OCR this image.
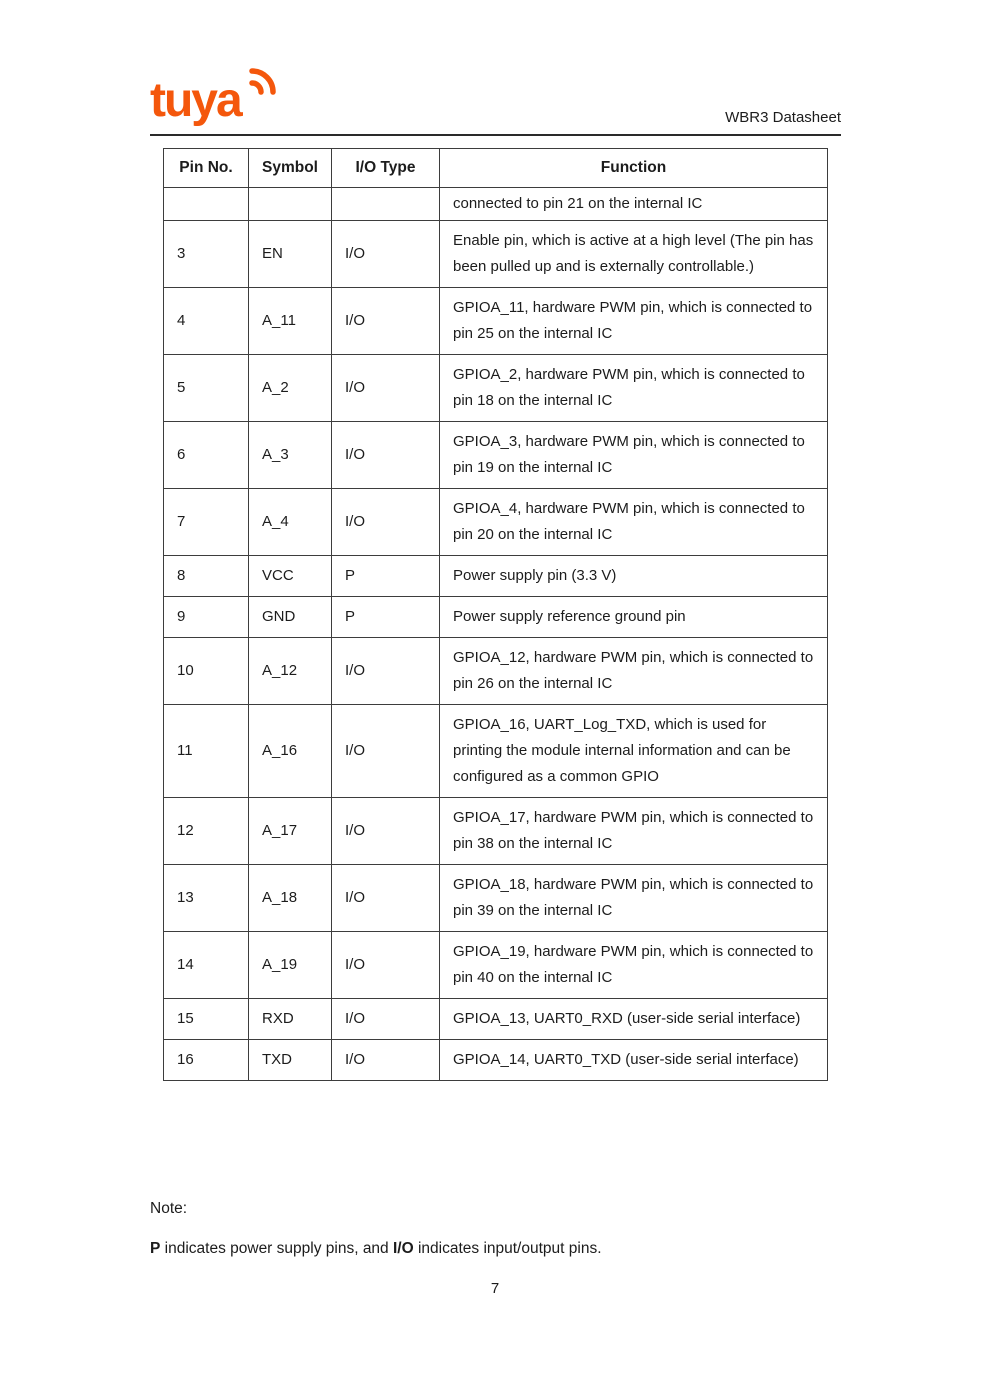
tuya	WBR3 Datasheet
Pin No.	Symbol	I/O Type	Function
			connected to pin 21 on the internal IC
3	EN	I/O	Enable pin, which is active at a high level (The pin has been pulled up and is externally controllable.)
4	A_11	I/O	GPIOA_11, hardware PWM pin, which is connected to pin 25 on the internal IC
5	A_2	I/O	GPIOA_2, hardware PWM pin, which is connected to pin 18 on the internal IC
6	A_3	I/O	GPIOA_3, hardware PWM pin, which is connected to pin 19 on the internal IC
7	A_4	I/O	GPIOA_4, hardware PWM pin, which is connected to pin 20 on the internal IC
8	VCC	P	Power supply pin (3.3 V)
9	GND	P	Power supply reference ground pin
10	A_12	I/O	GPIOA_12, hardware PWM pin, which is connected to pin 26 on the internal IC
11	A_16	I/O	GPIOA_16, UART_Log_TXD, which is used for printing the module internal information and can be configured as a common GPIO
12	A_17	I/O	GPIOA_17, hardware PWM pin, which is connected to pin 38 on the internal IC
13	A_18	I/O	GPIOA_18, hardware PWM pin, which is connected to pin 39 on the internal IC
14	A_19	I/O	GPIOA_19, hardware PWM pin, which is connected to pin 40 on the internal IC
15	RXD	I/O	GPIOA_13, UART0_RXD (user-side serial interface)
16	TXD	I/O	GPIOA_14, UART0_TXD (user-side serial interface)
Note:
P indicates power supply pins, and I/O indicates input/output pins.
7
